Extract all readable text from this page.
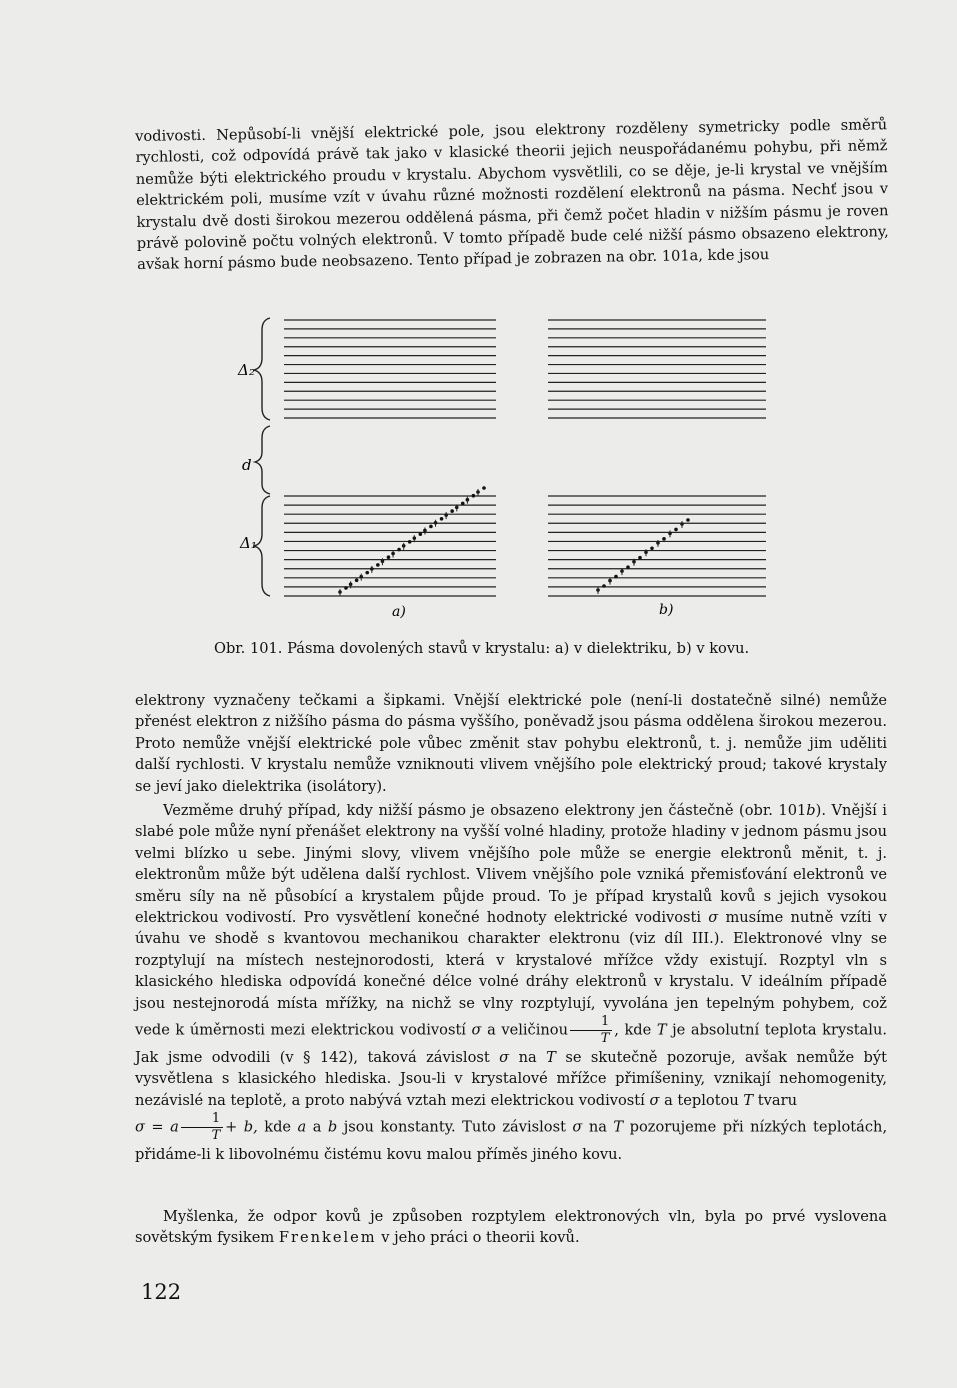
vodivosti. Nepůsobí-li vnější elektrické pole, jsou elektrony rozděleny symetricky podle směrů rychlosti, což odpovídá právě tak jako v klasické theorii jejich neuspořádanému pohybu, při němž nemůže býti elektrického proudu v krystalu. Abychom vysvětlili, co se děje, je-li krystal ve vnějším elektrickém poli, musíme vzít v úvahu různé možnosti rozdělení elektronů na pásma. Nechť jsou v krystalu dvě dosti širokou mezerou oddělená pásma, při čemž počet hladin v nižším pásmu je roven právě polovině počtu volných elektronů. V tomto případě bude celé nižší pásmo obsazeno elektrony, avšak horní pásmo bude neobsazeno. Tento případ je zobrazen na obr. 101a, kde jsou

Δ₂
d
Δ₁
a)	b)

Obr. 101. Pásma dovolených stavů v krystalu: a) v dielektriku, b) v kovu.

elektrony vyznačeny tečkami a šipkami. Vnější elektrické pole (není-li dostatečně silné) nemůže přenést elektron z nižšího pásma do pásma vyššího, poněvadž jsou pásma oddělena širokou mezerou. Proto nemůže vnější elektrické pole vůbec změnit stav pohybu elektronů, t. j. nemůže jim uděliti další rychlosti. V krystalu nemůže vzniknouti vlivem vnějšího pole elektrický proud; takové krystaly se jeví jako dielektrika (isolátory).

Vezměme druhý případ, kdy nižší pásmo je obsazeno elektrony jen částečně (obr. 101b). Vnější i slabé pole může nyní přenášet elektrony na vyšší volné hladiny, protože hladiny v jednom pásmu jsou velmi blízko u sebe. Jinými slovy, vlivem vnějšího pole může se energie elektronů měnit, t. j. elektronům může být udělena další rychlost. Vlivem vnějšího pole vzniká přemisťování elektronů ve směru síly na ně působící a krystalem půjde proud. To je případ krystalů kovů s jejich vysokou elektrickou vodivostí. Pro vysvětlení konečné hodnoty elektrické vodivosti σ musíme nutně vzíti v úvahu ve shodě s kvantovou mechanikou charakter elektronu (viz díl III.). Elektronové vlny se rozptylují na místech nestejnorodosti, která v krystalové mřížce vždy existují. Rozptyl vln s klasického hlediska odpovídá konečné délce volné dráhy elektronů v krystalu. V ideálním případě jsou nestejnorodá místa mřížky, na nichž se vlny rozptylují, vyvolána jen tepelným pohybem, což vede k úměrnosti mezi elektrickou vodivostí σ a veličinou $\frac{1}{T}$ , kde T je absolutní teplota krystalu. Jak jsme odvodili (v § 142), taková závislost σ na T se skutečně pozoruje, avšak nemůže být vysvětlena s klasického hlediska. Jsou-li v krystalové mřížce přimíšeniny, vznikají nehomogenity, nezávislé na teplotě, a proto nabývá vztah mezi elektrickou vodivostí σ a teplotou T tvaru
σ = a $\frac{1}{T} + b$, kde a a b jsou konstanty. Tuto závislost σ na T pozorujeme při nízkých teplotách, přidáme-li k libovolnému čistému kovu malou příměs jiného kovu.

Myšlenka, že odpor kovů je způsoben rozptylem elektronových vln, byla po prvé vyslovena sovětským fysikem Frenkelem v jeho práci o theorii kovů.

122
